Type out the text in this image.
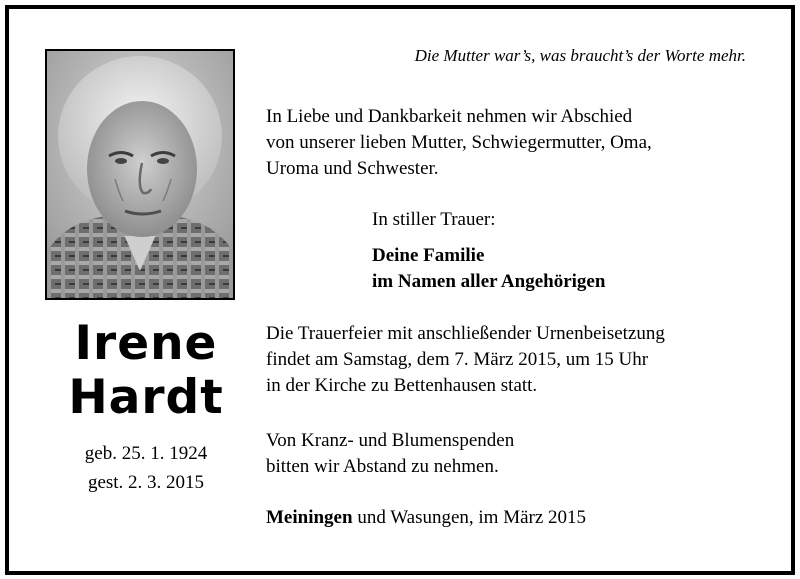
Die Mutter war’s, was braucht’s der Worte mehr.
Irene
Hardt
geb. 25. 1. 1924
gest. 2. 3. 2015
In Liebe und Dankbarkeit nehmen wir Abschied
von unserer lieben Mutter, Schwiegermutter, Oma,
Uroma und Schwester.
In stiller Trauer:
Deine Familie
im Namen aller Angehörigen
Die Trauerfeier mit anschließender Urnenbeisetzung
findet am Samstag, dem 7. März 2015, um 15 Uhr
in der Kirche zu Bettenhausen statt.
Von Kranz- und Blumenspenden
bitten wir Abstand zu nehmen.
Meiningen und Wasungen, im März 2015
